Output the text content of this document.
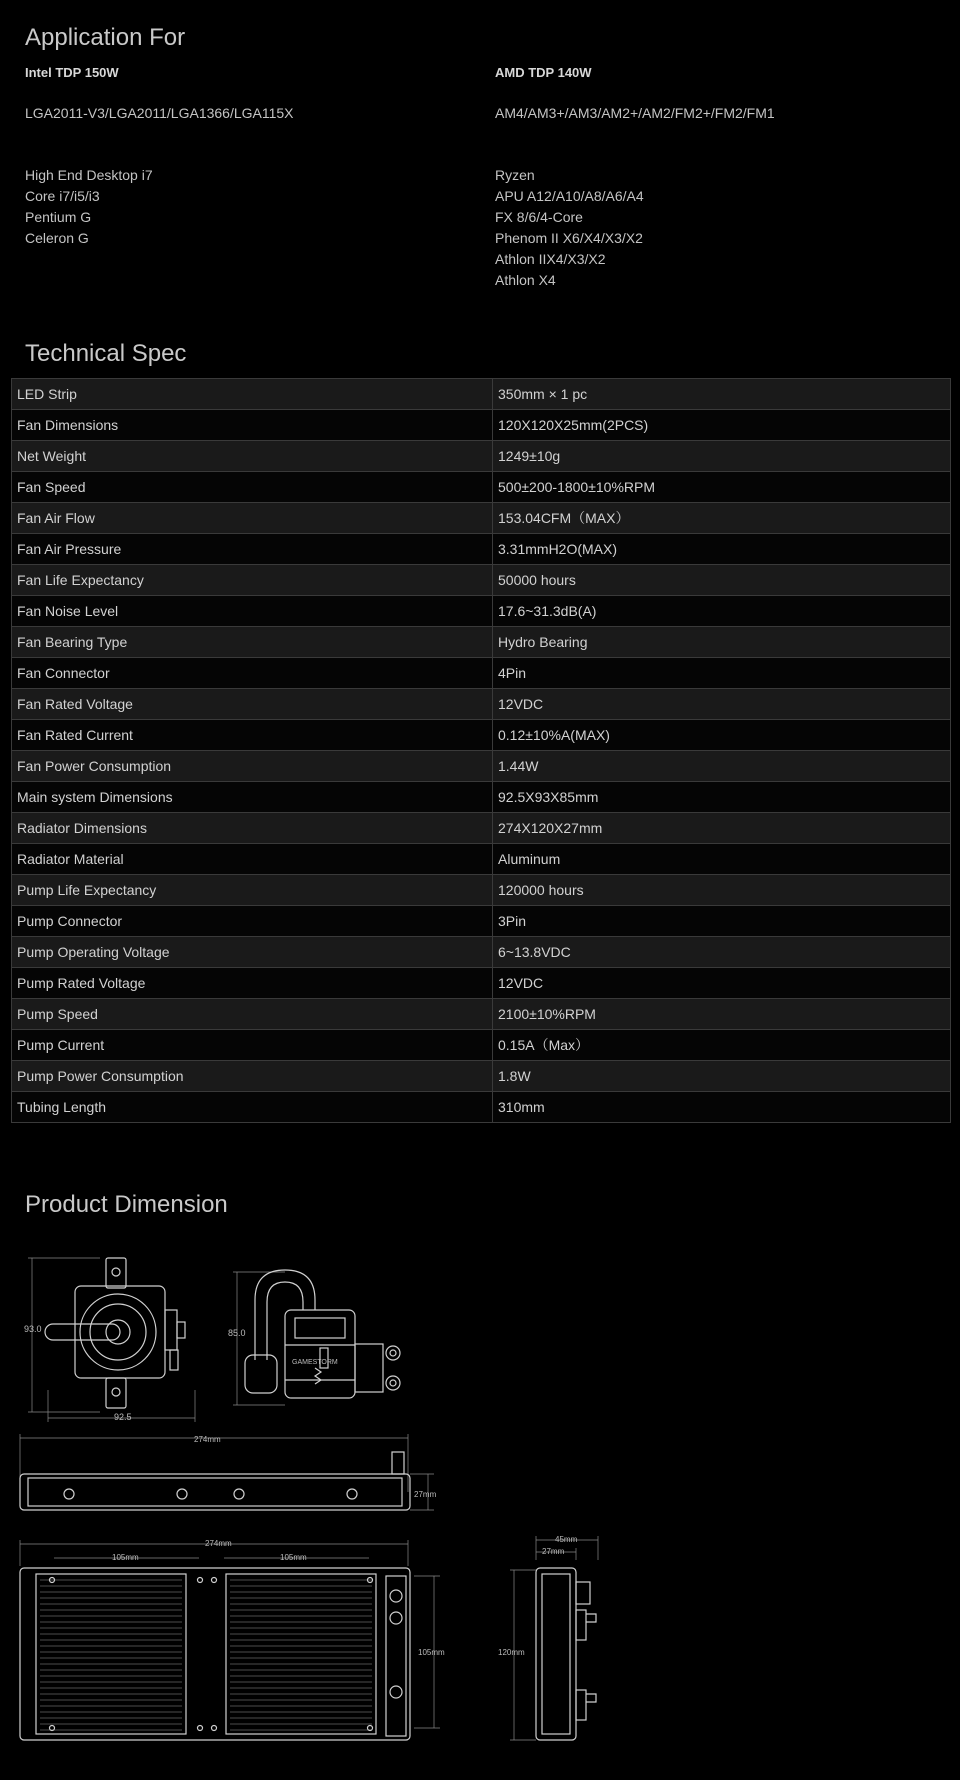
Application For
Intel TDP 150W
LGA2011-V3/LGA2011/LGA1366/LGA115X
High End Desktop i7
Core i7/i5/i3
Pentium G
Celeron G
AMD TDP 140W
AM4/AM3+/AM3/AM2+/AM2/FM2+/FM2/FM1
Ryzen
APU A12/A10/A8/A6/A4
FX 8/6/4-Core
Phenom II X6/X4/X3/X2
Athlon IIX4/X3/X2
Athlon X4
Technical Spec
LED Strip	350mm × 1 pc
Fan Dimensions	120X120X25mm(2PCS)
Net Weight	1249±10g
Fan Speed	500±200-1800±10%RPM
Fan Air Flow	153.04CFM（MAX）
Fan Air Pressure	3.31mmH2O(MAX)
Fan Life Expectancy	50000 hours
Fan Noise Level	17.6~31.3dB(A)
Fan Bearing Type	Hydro Bearing
Fan Connector	4Pin
Fan Rated Voltage	12VDC
Fan Rated Current	0.12±10%A(MAX)
Fan Power Consumption	1.44W
Main system Dimensions	92.5X93X85mm
Radiator Dimensions	274X120X27mm
Radiator Material	Aluminum
Pump Life Expectancy	120000 hours
Pump Connector	3Pin
Pump Operating Voltage	6~13.8VDC
Pump Rated Voltage	12VDC
Pump Speed	2100±10%RPM
Pump Current	0.15A（Max）
Pump Power Consumption	1.8W
Tubing Length	310mm
Product Dimension
93.0
92.5
85.0
GAMESTORM
274mm
27mm
274mm
105mm	105mm
105mm
45mm
27mm
120mm
